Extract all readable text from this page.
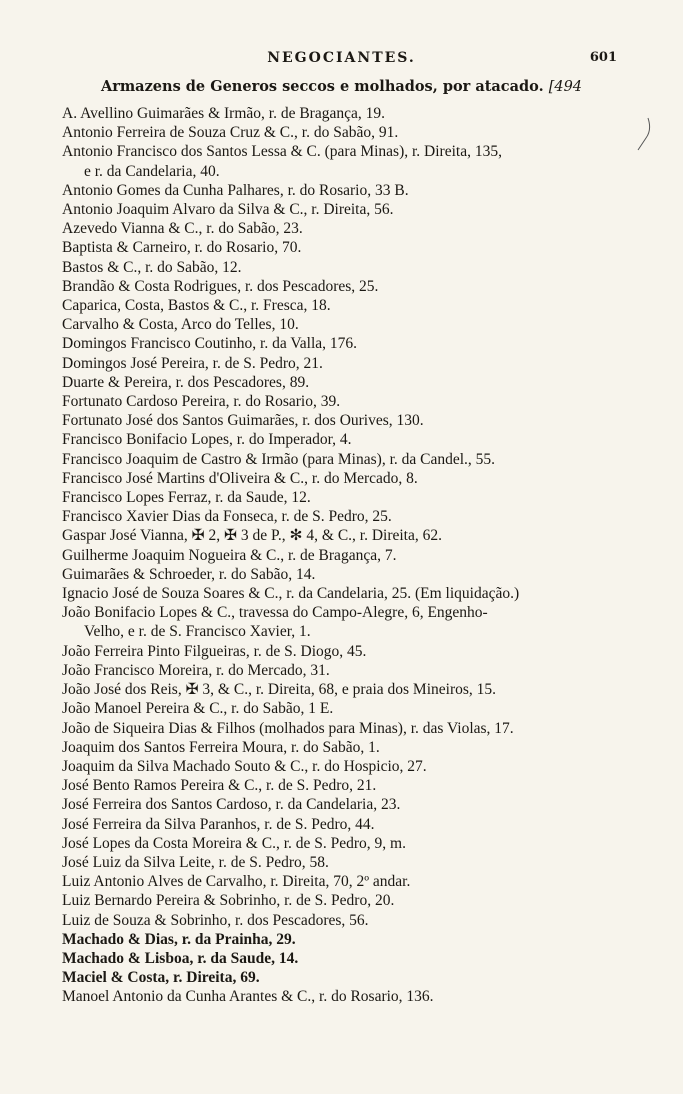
NEGOCIANTES.	601
Armazens de Generos seccos e molhados, por atacado. [494
A. Avellino Guimarães & Irmão, r. de Bragança, 19.
Antonio Ferreira de Souza Cruz & C., r. do Sabão, 91.
Antonio Francisco dos Santos Lessa & C. (para Minas), r. Direita, 135,
e r. da Candelaria, 40.
Antonio Gomes da Cunha Palhares, r. do Rosario, 33 B.
Antonio Joaquim Alvaro da Silva & C., r. Direita, 56.
Azevedo Vianna & C., r. do Sabão, 23.
Baptista & Carneiro, r. do Rosario, 70.
Bastos & C., r. do Sabão, 12.
Brandão & Costa Rodrigues, r. dos Pescadores, 25.
Caparica, Costa, Bastos & C., r. Fresca, 18.
Carvalho & Costa, Arco do Telles, 10.
Domingos Francisco Coutinho, r. da Valla, 176.
Domingos José Pereira, r. de S. Pedro, 21.
Duarte & Pereira, r. dos Pescadores, 89.
Fortunato Cardoso Pereira, r. do Rosario, 39.
Fortunato José dos Santos Guimarães, r. dos Ourives, 130.
Francisco Bonifacio Lopes, r. do Imperador, 4.
Francisco Joaquim de Castro & Irmão (para Minas), r. da Candel., 55.
Francisco José Martins d'Oliveira & C., r. do Mercado, 8.
Francisco Lopes Ferraz, r. da Saude, 12.
Francisco Xavier Dias da Fonseca, r. de S. Pedro, 25.
Gaspar José Vianna, ✠ 2, ✠ 3 de P., ✻ 4, & C., r. Direita, 62.
Guilherme Joaquim Nogueira & C., r. de Bragança, 7.
Guimarães & Schroeder, r. do Sabão, 14.
Ignacio José de Souza Soares & C., r. da Candelaria, 25. (Em liquidação.)
João Bonifacio Lopes & C., travessa do Campo-Alegre, 6, Engenho-
Velho, e r. de S. Francisco Xavier, 1.
João Ferreira Pinto Filgueiras, r. de S. Diogo, 45.
João Francisco Moreira, r. do Mercado, 31.
João José dos Reis, ✠ 3, & C., r. Direita, 68, e praia dos Mineiros, 15.
João Manoel Pereira & C., r. do Sabão, 1 E.
João de Siqueira Dias & Filhos (molhados para Minas), r. das Violas, 17.
Joaquim dos Santos Ferreira Moura, r. do Sabão, 1.
Joaquim da Silva Machado Souto & C., r. do Hospicio, 27.
José Bento Ramos Pereira & C., r. de S. Pedro, 21.
José Ferreira dos Santos Cardoso, r. da Candelaria, 23.
José Ferreira da Silva Paranhos, r. de S. Pedro, 44.
José Lopes da Costa Moreira & C., r. de S. Pedro, 9, m.
José Luiz da Silva Leite, r. de S. Pedro, 58.
Luiz Antonio Alves de Carvalho, r. Direita, 70, 2º andar.
Luiz Bernardo Pereira & Sobrinho, r. de S. Pedro, 20.
Luiz de Souza & Sobrinho, r. dos Pescadores, 56.
Machado & Dias, r. da Prainha, 29.
Machado & Lisboa, r. da Saude, 14.
Maciel & Costa, r. Direita, 69.
Manoel Antonio da Cunha Arantes & C., r. do Rosario, 136.
